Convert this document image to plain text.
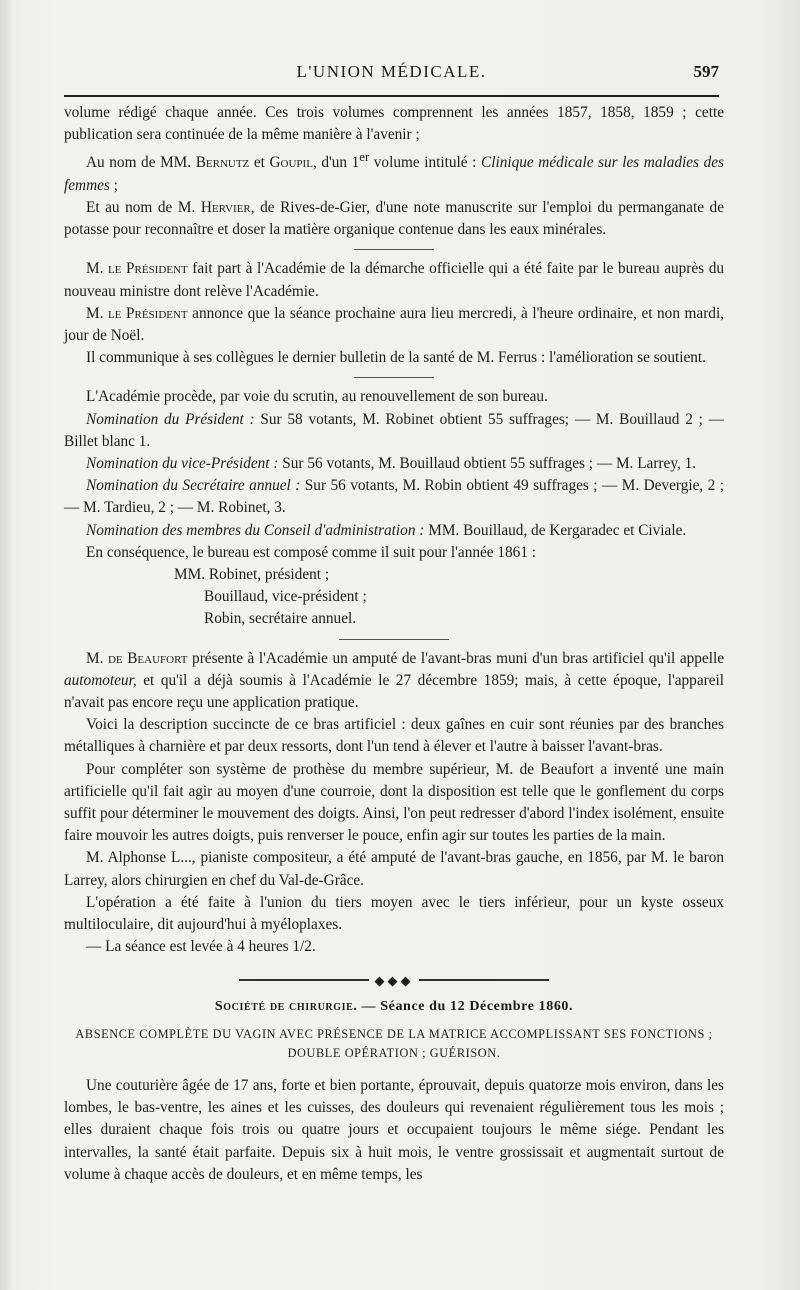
L'UNION MÉDICALE.	597

volume rédigé chaque année. Ces trois volumes comprennent les années 1857, 1858, 1859 ; cette publication sera continuée de la même manière à l'avenir ;

Au nom de MM. Bernutz et Goupil, d'un 1er volume intitulé : Clinique médicale sur les maladies des femmes ;

Et au nom de M. Hervier, de Rives-de-Gier, d'une note manuscrite sur l'emploi du permanganate de potasse pour reconnaître et doser la matière organique contenue dans les eaux minérales.

M. le Président fait part à l'Académie de la démarche officielle qui a été faite par le bureau auprès du nouveau ministre dont relève l'Académie.

M. le Président annonce que la séance prochaine aura lieu mercredi, à l'heure ordinaire, et non mardi, jour de Noël.

Il communique à ses collègues le dernier bulletin de la santé de M. Ferrus : l'amélioration se soutient.

L'Académie procède, par voie du scrutin, au renouvellement de son bureau.

Nomination du Président : Sur 58 votants, M. Robinet obtient 55 suffrages; — M. Bouillaud 2 ; — Billet blanc 1.

Nomination du vice-Président : Sur 56 votants, M. Bouillaud obtient 55 suffrages ; — M. Larrey, 1.

Nomination du Secrétaire annuel : Sur 56 votants, M. Robin obtient 49 suffrages ; — M. Devergie, 2 ; — M. Tardieu, 2 ; — M. Robinet, 3.

Nomination des membres du Conseil d'administration : MM. Bouillaud, de Kergaradec et Civiale.

En conséquence, le bureau est composé comme il suit pour l'année 1861 :

MM. Robinet, président ;
Bouillaud, vice-président ;
Robin, secrétaire annuel.

M. de Beaufort présente à l'Académie un amputé de l'avant-bras muni d'un bras artificiel qu'il appelle automoteur, et qu'il a déjà soumis à l'Académie le 27 décembre 1859; mais, à cette époque, l'appareil n'avait pas encore reçu une application pratique.

Voici la description succincte de ce bras artificiel : deux gaînes en cuir sont réunies par des branches métalliques à charnière et par deux ressorts, dont l'un tend à élever et l'autre à baisser l'avant-bras.

Pour compléter son système de prothèse du membre supérieur, M. de Beaufort a inventé une main artificielle qu'il fait agir au moyen d'une courroie, dont la disposition est telle que le gonflement du corps suffit pour déterminer le mouvement des doigts. Ainsi, l'on peut redresser d'abord l'index isolément, ensuite faire mouvoir les autres doigts, puis renverser le pouce, enfin agir sur toutes les parties de la main.

M. Alphonse L..., pianiste compositeur, a été amputé de l'avant-bras gauche, en 1856, par M. le baron Larrey, alors chirurgien en chef du Val-de-Grâce.

L'opération a été faite à l'union du tiers moyen avec le tiers inférieur, pour un kyste osseux multiloculaire, dit aujourd'hui à myéloplaxes.

— La séance est levée à 4 heures 1/2.

◆◆◆
Société de chirurgie. — Séance du 12 Décembre 1860.
ABSENCE COMPLÈTE DU VAGIN AVEC PRÉSENCE DE LA MATRICE ACCOMPLISSANT SES FONCTIONS ;
DOUBLE OPÉRATION ; GUÉRISON.

Une couturière âgée de 17 ans, forte et bien portante, éprouvait, depuis quatorze mois environ, dans les lombes, le bas-ventre, les aines et les cuisses, des douleurs qui revenaient régulièrement tous les mois ; elles duraient chaque fois trois ou quatre jours et occupaient toujours le même siége. Pendant les intervalles, la santé était parfaite. Depuis six à huit mois, le ventre grossissait et augmentait surtout de volume à chaque accès de douleurs, et en même temps, les
